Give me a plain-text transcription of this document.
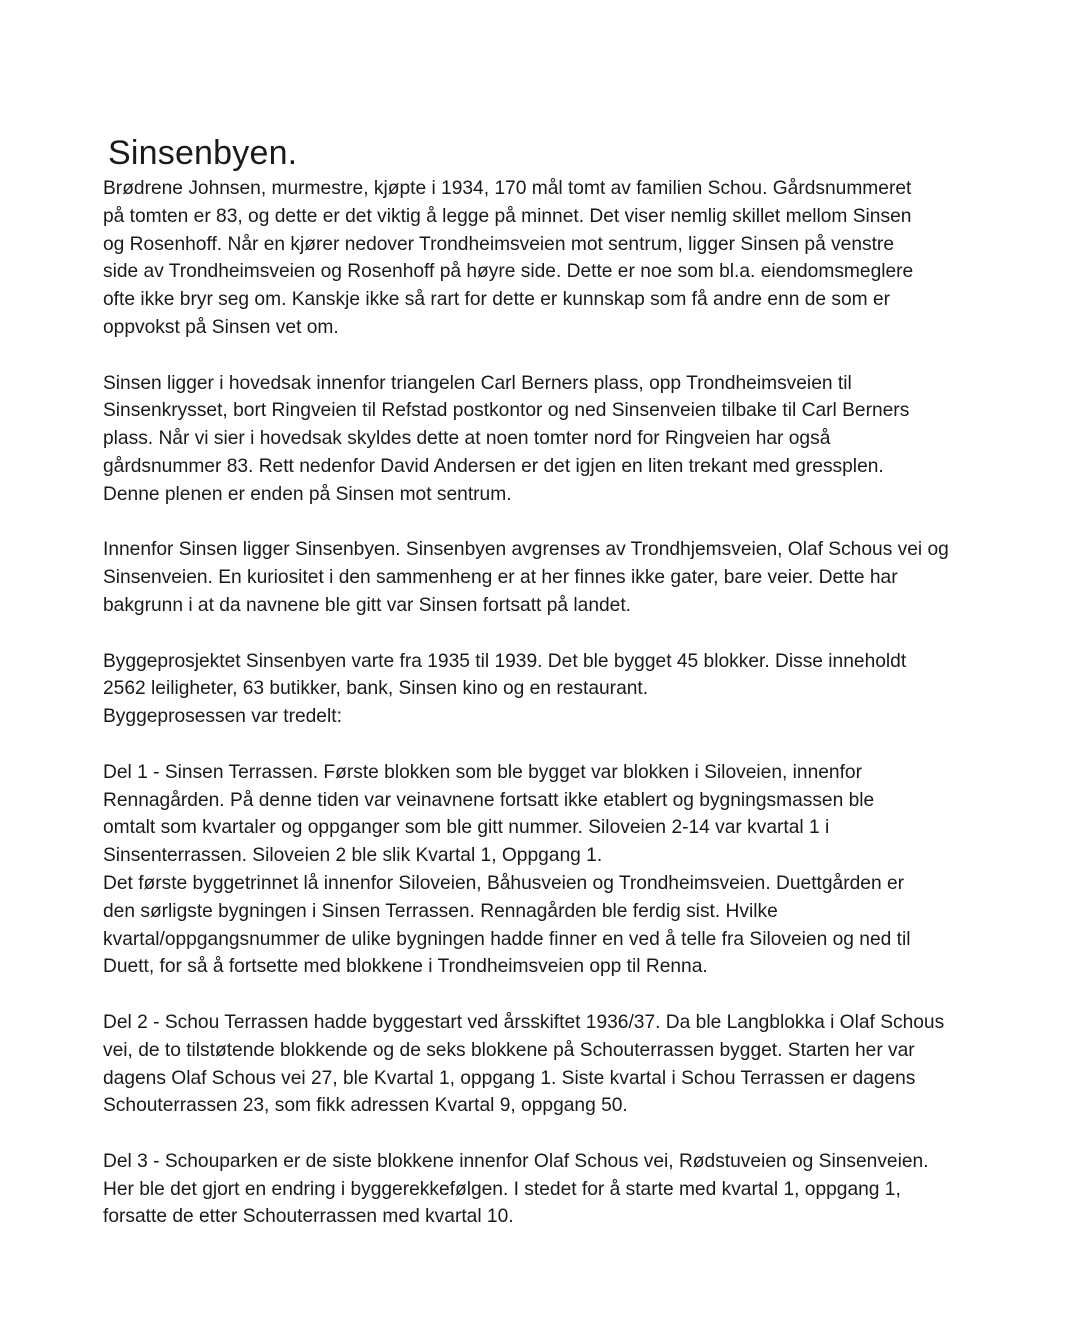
Sinsenbyen.
Brødrene Johnsen, murmestre, kjøpte i 1934, 170 mål tomt av familien Schou. Gårdsnummeret
på tomten er 83, og dette er det viktig å legge på minnet. Det viser nemlig skillet mellom Sinsen
og Rosenhoff. Når en kjører nedover Trondheimsveien mot sentrum, ligger Sinsen på venstre
side av Trondheimsveien og Rosenhoff på høyre side. Dette er noe som bl.a. eiendomsmeglere
ofte ikke bryr seg om. Kanskje ikke så rart for dette er kunnskap som få andre enn de som er
oppvokst på Sinsen vet om.
Sinsen ligger i hovedsak innenfor triangelen Carl Berners plass, opp Trondheimsveien til
Sinsenkrysset, bort Ringveien til Refstad postkontor og ned Sinsenveien tilbake til Carl Berners
plass. Når vi sier i hovedsak skyldes dette at noen tomter nord for Ringveien har også
gårdsnummer 83. Rett nedenfor David Andersen er det igjen en liten trekant med gressplen.
Denne plenen er enden på Sinsen mot sentrum.
Innenfor Sinsen ligger Sinsenbyen. Sinsenbyen avgrenses av Trondhjemsveien, Olaf Schous vei og
Sinsenveien. En kuriositet i den sammenheng er at her finnes ikke gater, bare veier. Dette har
bakgrunn i at da navnene ble gitt var Sinsen fortsatt på landet.
Byggeprosjektet Sinsenbyen varte fra 1935 til 1939. Det ble bygget 45 blokker. Disse inneholdt
2562 leiligheter, 63 butikker, bank, Sinsen kino og en restaurant.
Byggeprosessen var tredelt:
Del 1 - Sinsen Terrassen. Første blokken som ble bygget var blokken i Siloveien, innenfor
Rennagården. På denne tiden var veinavnene fortsatt ikke etablert og bygningsmassen ble
omtalt som kvartaler og oppganger som ble gitt nummer. Siloveien 2-14 var kvartal 1 i
Sinsenterrassen. Siloveien 2 ble slik Kvartal 1, Oppgang 1.
Det første byggetrinnet lå innenfor Siloveien, Båhusveien og Trondheimsveien. Duettgården er
den sørligste bygningen i Sinsen Terrassen. Rennagården ble ferdig sist. Hvilke
kvartal/oppgangsnummer de ulike bygningen hadde finner en ved å telle fra Siloveien og ned til
Duett, for så å fortsette med blokkene i Trondheimsveien opp til Renna.
Del 2 - Schou Terrassen hadde byggestart ved årsskiftet 1936/37. Da ble Langblokka i Olaf Schous
vei, de to tilstøtende blokkende og de seks blokkene på Schouterrassen bygget. Starten her var
dagens Olaf Schous vei 27, ble Kvartal 1, oppgang 1. Siste kvartal i Schou Terrassen er dagens
Schouterrassen 23, som fikk adressen Kvartal 9, oppgang 50.
Del 3 - Schouparken er de siste blokkene innenfor Olaf Schous vei, Rødstuveien og Sinsenveien.
Her ble det gjort en endring i byggerekkefølgen. I stedet for å starte med kvartal 1, oppgang 1,
forsatte de etter Schouterrassen med kvartal 10.
